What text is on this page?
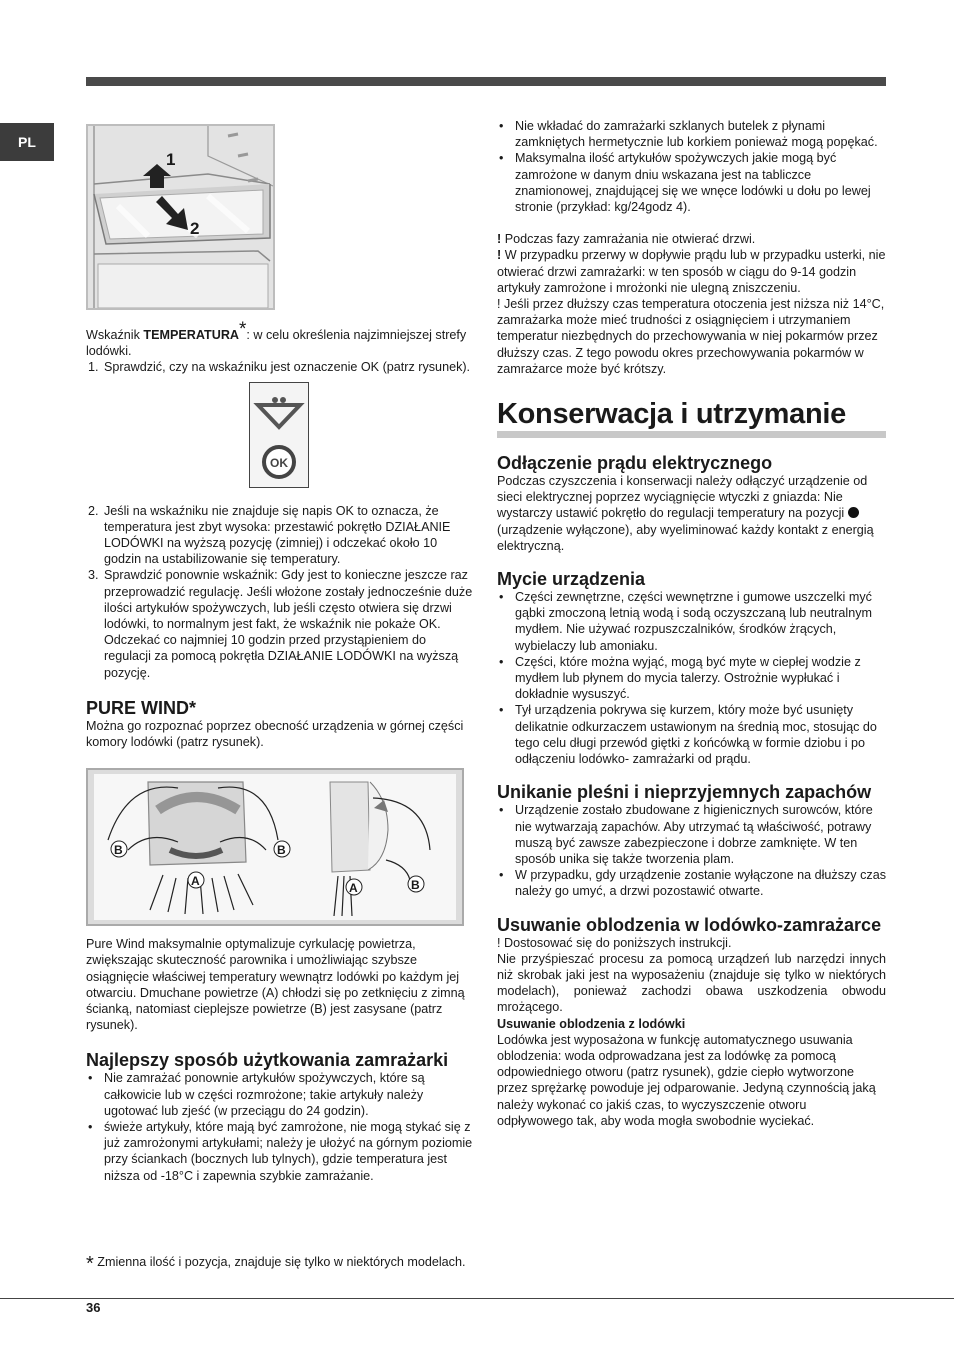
PL
1
2

Wskaźnik TEMPERATURA*: w celu określenia najzimniejszej strefy lodówki.

1. Sprawdzić, czy na wskaźniku jest oznaczenie OK (patrz rysunek).
OK
2. Jeśli na wskaźniku nie znajduje się napis OK to oznacza, że temperatura jest zbyt wysoka: przestawić pokrętło DZIAŁANIE LODÓWKI na wyższą pozycję (zimniej) i odczekać około 10 godzin na ustabilizowanie się temperatury.
3. Sprawdzić ponownie wskaźnik: Gdy jest to konieczne jeszcze raz przeprowadzić regulację. Jeśli włożone zostały jednocześnie duże ilości artykułów spożywczych, lub jeśli często otwiera się drzwi lodówki, to normalnym jest fakt, że wskaźnik nie pokaże OK. Odczekać co najmniej 10 godzin przed przystąpieniem do regulacji za pomocą pokrętła DZIAŁANIE LODÓWKI na wyższą pozycję.
PURE WIND*

Można go rozpoznać poprzez obecność urządzenia w górnej części komory lodówki (patrz rysunek).

B	B
A	A	B

Pure Wind maksymalnie optymalizuje cyrkulację powietrza, zwiększając skuteczność parownika i umożliwiając szybsze osiągnięcie właściwej temperatury wewnątrz lodówki po każdym jej otwarciu. Dmuchane powietrze (A) chłodzi się po zetknięciu z zimną ścianką, natomiast cieplejsze powietrze (B) jest zasysane (patrz rysunek).

Najlepszy sposób użytkowania zamrażarki
• Nie zamrażać ponownie artykułów spożywczych, które są całkowicie lub w części rozmrożone; takie artykuły należy ugotować lub zjeść (w przeciągu do 24 godzin).
• świeże artykuły, które mają być zamrożone, nie mogą stykać się z już zamrożonymi artykułami; należy je ułożyć na górnym poziomie przy ściankach (bocznych lub tylnych), gdzie temperatura jest niższa od -18°C i zapewnia szybkie zamrażanie.
* Zmienna ilość i pozycja, znajduje się tylko w niektórych modelach.
• Nie wkładać do zamrażarki szklanych butelek z płynami zamkniętych hermetycznie lub korkiem ponieważ mogą popękać.
• Maksymalna ilość artykułów spożywczych jakie mogą być zamrożone w danym dniu wskazana jest na tabliczce znamionowej, znajdującej się we wnęce lodówki u dołu po lewej stronie (przykład: kg/24godz 4).

! Podczas fazy zamrażania nie otwierać drzwi.

! W przypadku przerwy w dopływie prądu lub w przypadku usterki, nie otwierać drzwi zamrażarki: w ten sposób w ciągu do 9-14 godzin artykuły zamrożone i mrożonki nie ulegną zniszczeniu.

! Jeśli przez dłuższy czas temperatura otoczenia jest niższa niż 14°C, zamrażarka może mieć trudności z osiągnięciem i utrzymaniem temperatur niezbędnych do przechowywania w niej pokarmów przez dłuższy czas. Z tego powodu okres przechowywania pokarmów w zamrażarce może być krótszy.

Konserwacja i utrzymanie
Odłączenie prądu elektrycznego

Podczas czyszczenia i konserwacji należy odłączyć urządzenie od sieci elektrycznej poprzez wyciągnięcie wtyczki z gniazda: Nie wystarczy ustawić pokrętło do regulacji temperatury na pozycji  (urządzenie wyłączone), aby wyeliminować każdy kontakt z energią elektryczną.

Mycie urządzenia
• Części zewnętrzne, części wewnętrzne i gumowe uszczelki myć gąbki zmoczoną letnią wodą i sodą oczyszczaną lub neutralnym mydłem. Nie używać rozpuszczalników, środków żrących, wybielaczy lub amoniaku.
• Części, które można wyjąć, mogą być myte w ciepłej wodzie z mydłem lub płynem do mycia talerzy. Ostrożnie wypłukać i dokładnie wysuszyć.
• Tył urządzenia pokrywa się kurzem, który może być usunięty delikatnie odkurzaczem ustawionym na średnią moc, stosując do tego celu długi przewód giętki z końcówką w formie dziobu i po odłączeniu lodówko- zamrażarki od prądu.
Unikanie pleśni i nieprzyjemnych zapachów
• Urządzenie zostało zbudowane z higienicznych surowców, które nie wytwarzają zapachów. Aby utrzymać tą właściwość, potrawy muszą być zawsze zabezpieczone i dobrze zamknięte. W ten sposób unika się także tworzenia plam.
• W przypadku, gdy urządzenie zostanie wyłączone na dłuższy czas należy go umyć, a drzwi pozostawić otwarte.
Usuwanie oblodzenia w lodówko-zamrażarce

! Dostosować się do poniższych instrukcji.

Nie przyśpieszać procesu za pomocą urządzeń lub narzędzi innych niż skrobak jaki jest na wyposażeniu (znajduje się tylko w niektórych modelach), ponieważ zachodzi obawa uszkodzenia obwodu mrożącego.

Usuwanie oblodzenia z lodówki

Lodówka jest wyposażona w funkcję automatycznego usuwania oblodzenia: woda odprowadzana jest za lodówkę za pomocą odpowiedniego otworu (patrz rysunek), gdzie ciepło wytworzone przez sprężarkę powoduje jej odparowanie. Jedyną czynnością jaką należy wykonać co jakiś czas, to wyczyszczenie otworu odpływowego tak, aby woda mogła swobodnie wyciekać.

36
